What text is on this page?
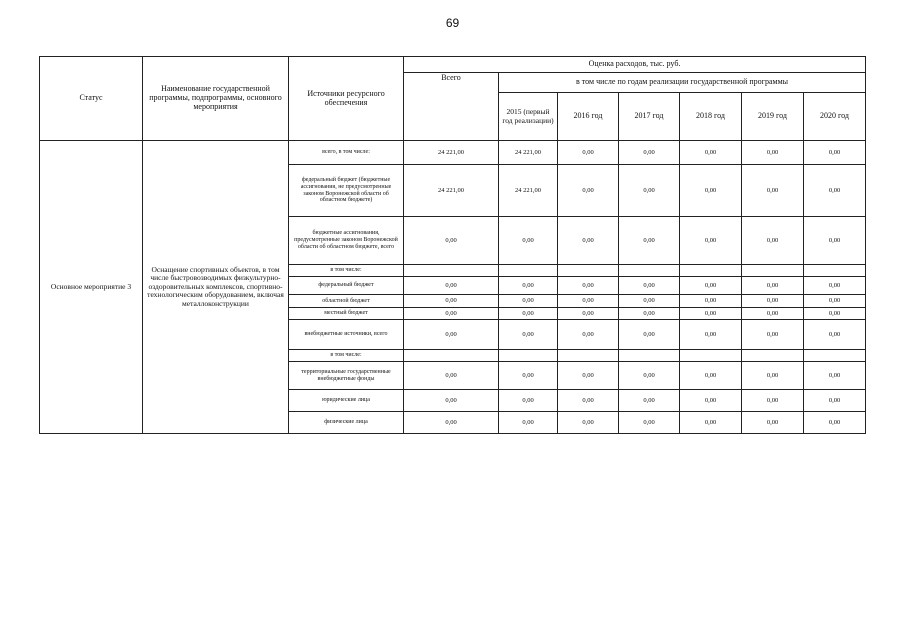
69
Статус	Наименование государственной программы, подпрограммы, основного мероприятия	Источники ресурсного обеспечения	Оценка расходов, тыс. руб.						
			Всего	в том числе по годам реализации государственной программы					
				2015 (первый год реализации)	2016 год	2017 год	2018 год	2019 год	2020 год
Основное мероприятие 3	Оснащение спортивных объектов, в том числе быстровозводимых физкультурно-оздоровительных комплексов, спортивно-технологическим оборудованием, включая металлоконструкции	всего, в том числе:	24 221,00	24 221,00	0,00	0,00	0,00	0,00	0,00
		федеральный бюджет (бюджетные ассигнования, не предусмотренные законом Воронежской области об областном бюджете)	24 221,00	24 221,00	0,00	0,00	0,00	0,00	0,00
		бюджетные ассигнования, предусмотренные законом Воронежской области об областном бюджете, всего	0,00	0,00	0,00	0,00	0,00	0,00	0,00
		в том числе:							
		федеральный бюджет	0,00	0,00	0,00	0,00	0,00	0,00	0,00
		областной бюджет	0,00	0,00	0,00	0,00	0,00	0,00	0,00
		местный бюджет	0,00	0,00	0,00	0,00	0,00	0,00	0,00
		внебюджетные источники, всего	0,00	0,00	0,00	0,00	0,00	0,00	0,00
		в том числе:							
		территориальные государственные внебюджетные фонды	0,00	0,00	0,00	0,00	0,00	0,00	0,00
		юридические лица	0,00	0,00	0,00	0,00	0,00	0,00	0,00
		физические лица	0,00	0,00	0,00	0,00	0,00	0,00	0,00
